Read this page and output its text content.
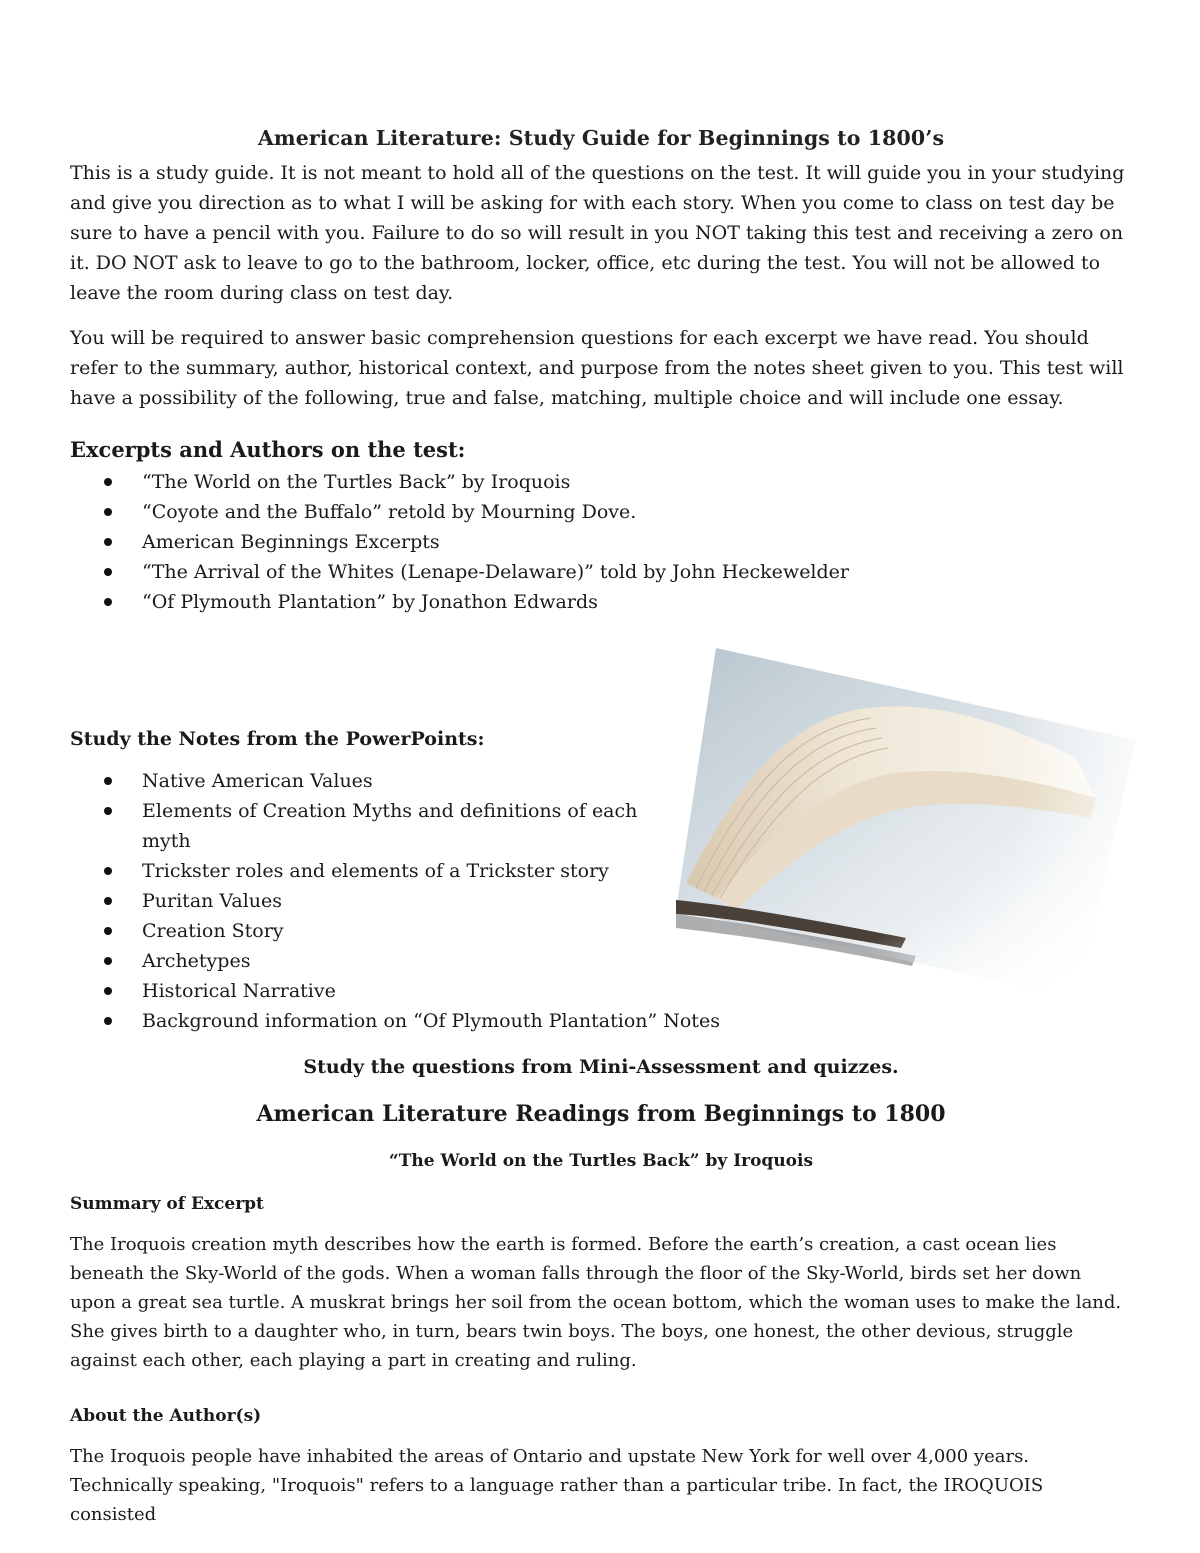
American Literature: Study Guide for Beginnings to 1800’s

This is a study guide. It is not meant to hold all of the questions on the test. It will guide you in your studying and give you direction as to what I will be asking for with each story. When you come to class on test day be sure to have a pencil with you. Failure to do so will result in you NOT taking this test and receiving a zero on it. DO NOT ask to leave to go to the bathroom, locker, office, etc during the test. You will not be allowed to leave the room during class on test day.

You will be required to answer basic comprehension questions for each excerpt we have read. You should refer to the summary, author, historical context, and purpose from the notes sheet given to you. This test will have a possibility of the following, true and false, matching, multiple choice and will include one essay.

Excerpts and Authors on the test:
“The World on the Turtles Back” by Iroquois
“Coyote and the Buffalo” retold by Mourning Dove.
American Beginnings Excerpts
“The Arrival of the Whites (Lenape-Delaware)” told by John Heckewelder
“Of Plymouth Plantation” by Jonathon Edwards
Study the Notes from the PowerPoints:
Native American Values
Elements of Creation Myths and definitions of each myth
Trickster roles and elements of a Trickster story
Puritan Values
Creation Story
Archetypes
Historical Narrative
Background information on “Of Plymouth Plantation” Notes

Study the questions from Mini-Assessment and quizzes.

American Literature Readings from Beginnings to 1800

“The World on the Turtles Back” by Iroquois

Summary of Excerpt

The Iroquois creation myth describes how the earth is formed. Before the earth’s creation, a cast ocean lies beneath the Sky-World of the gods. When a woman falls through the floor of the Sky-World, birds set her down upon a great sea turtle. A muskrat brings her soil from the ocean bottom, which the woman uses to make the land. She gives birth to a daughter who, in turn, bears twin boys. The boys, one honest, the other devious, struggle against each other, each playing a part in creating and ruling.

About the Author(s)

The Iroquois people have inhabited the areas of Ontario and upstate New York for well over 4,000 years. Technically speaking, "Iroquois" refers to a language rather than a particular tribe. In fact, the IROQUOIS consisted
